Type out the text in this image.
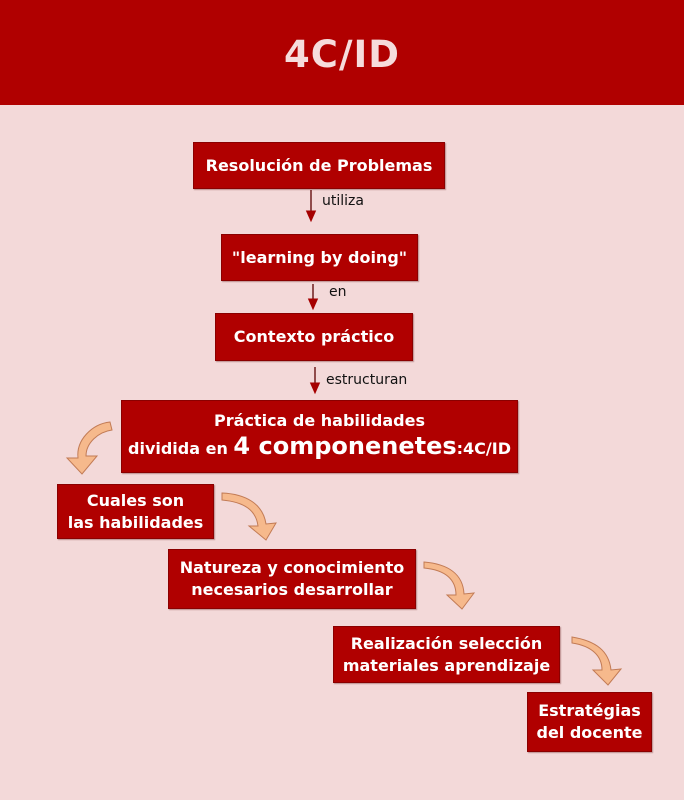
4C/ID
Resolución de Problemas
utiliza
"learning by doing"
en
Contexto práctico
estructuran
Práctica de habilidades
dividida en 4 componenetes:4C/ID
Cuales son
las habilidades
Natureza y conocimiento
necesarios desarrollar
Realización selección
materiales aprendizaje
Estratégias
del docente
